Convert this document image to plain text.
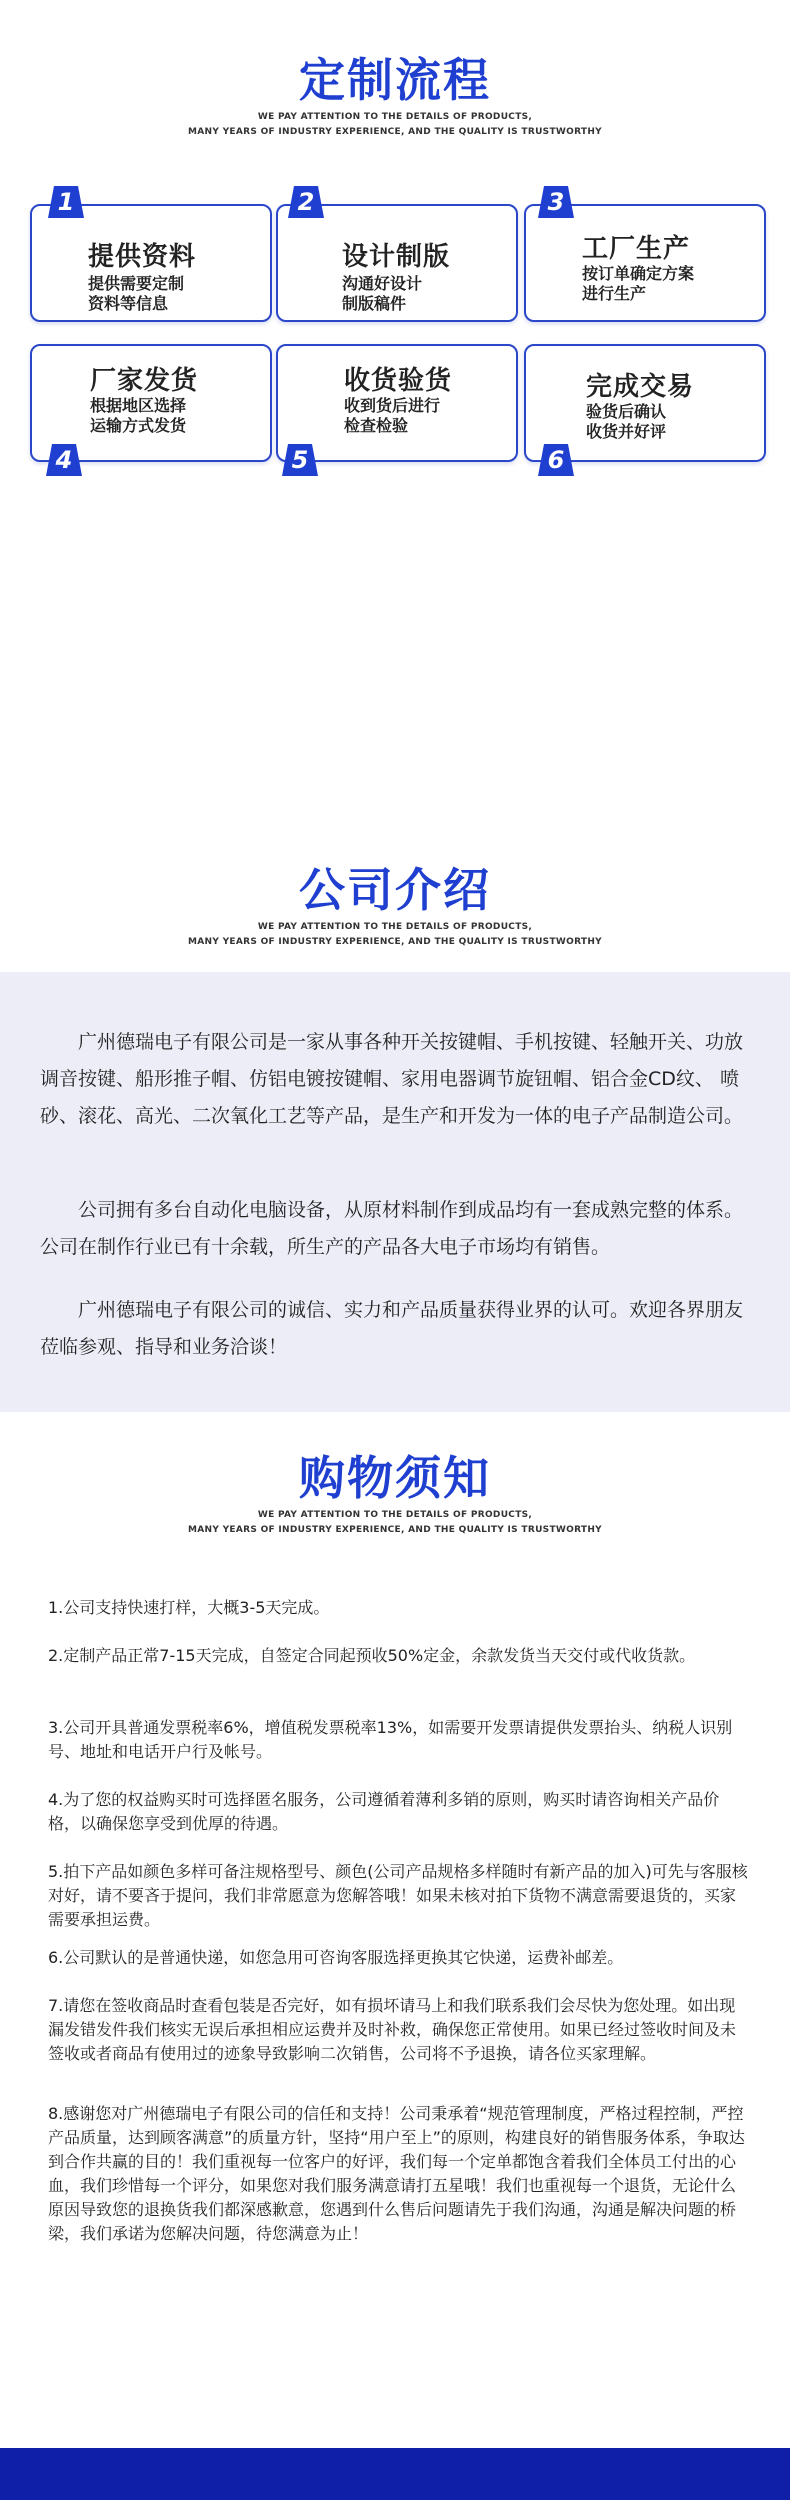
定制流程
WE PAY ATTENTION TO THE DETAILS OF PRODUCTS,
MANY YEARS OF INDUSTRY EXPERIENCE, AND THE QUALITY IS TRUSTWORTHY
提供资料
提供需要定制
资料等信息
1
设计制版
沟通好设计
制版稿件
2
工厂生产
按订单确定方案
进行生产
3
厂家发货
根据地区选择
运输方式发货
4
收货验货
收到货后进行
检查检验
5
完成交易
验货后确认
收货并好评
6
公司介绍
WE PAY ATTENTION TO THE DETAILS OF PRODUCTS,
MANY YEARS OF INDUSTRY EXPERIENCE, AND THE QUALITY IS TRUSTWORTHY

广州德瑞电子有限公司是一家从事各种开关按键帽、手机按键、轻触开关、功放调音按键、船形推子帽、仿铝电镀按键帽、家用电器调节旋钮帽、铝合金CD纹、 喷砂、滚花、高光、二次氧化工艺等产品，是生产和开发为一体的电子产品制造公司。

公司拥有多台自动化电脑设备，从原材料制作到成品均有一套成熟完整的体系。公司在制作行业已有十余载，所生产的产品各大电子市场均有销售。

广州德瑞电子有限公司的诚信、实力和产品质量获得业界的认可。欢迎各界朋友莅临参观、指导和业务洽谈！

购物须知
WE PAY ATTENTION TO THE DETAILS OF PRODUCTS,
MANY YEARS OF INDUSTRY EXPERIENCE, AND THE QUALITY IS TRUSTWORTHY

1.公司支持快速打样，大概3-5天完成。

2.定制产品正常7-15天完成，自签定合同起预收50%定金，余款发货当天交付或代收货款。

3.公司开具普通发票税率6%，增值税发票税率13%，如需要开发票请提供发票抬头、纳税人识别号、地址和电话开户行及帐号。

4.为了您的权益购买时可选择匿名服务，公司遵循着薄利多销的原则，购买时请咨询相关产品价格，以确保您享受到优厚的待遇。

5.拍下产品如颜色多样可备注规格型号、颜色(公司产品规格多样随时有新产品的加入)可先与客服核对好，请不要吝于提问，我们非常愿意为您解答哦！如果未核对拍下货物不满意需要退货的，买家需要承担运费。

6.公司默认的是普通快递，如您急用可咨询客服选择更换其它快递，运费补邮差。

7.请您在签收商品时查看包装是否完好，如有损坏请马上和我们联系我们会尽快为您处理。如出现漏发错发件我们核实无误后承担相应运费并及时补救，确保您正常使用。如果已经过签收时间及未签收或者商品有使用过的迹象导致影响二次销售，公司将不予退换，请各位买家理解。

8.感谢您对广州德瑞电子有限公司的信任和支持！公司秉承着“规范管理制度，严格过程控制，严控产品质量，达到顾客满意”的质量方针，坚持“用户至上”的原则，构建良好的销售服务体系，争取达到合作共赢的目的！我们重视每一位客户的好评，我们每一个定单都饱含着我们全体员工付出的心血，我们珍惜每一个评分，如果您对我们服务满意请打五星哦！我们也重视每一个退货，无论什么原因导致您的退换货我们都深感歉意，您遇到什么售后问题请先于我们沟通，沟通是解决问题的桥梁，我们承诺为您解决问题，待您满意为止！
